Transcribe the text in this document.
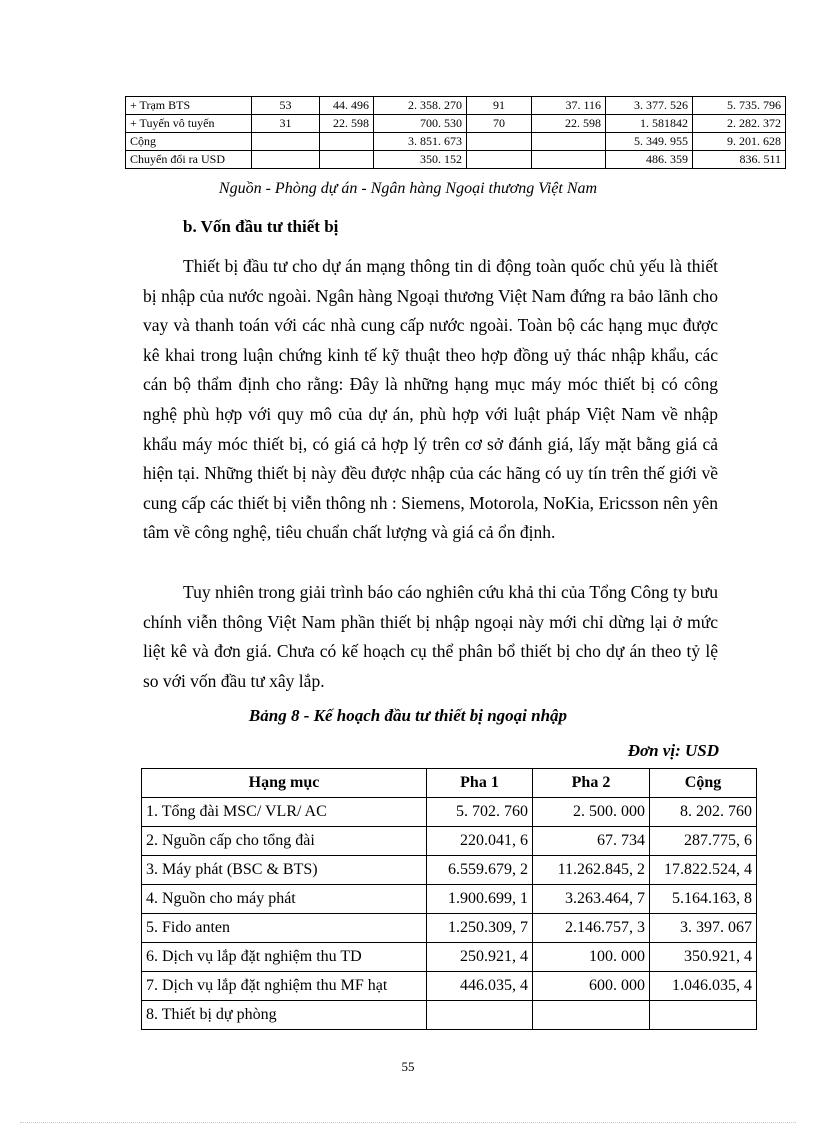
+ Trạm BTS	53	44. 496	2. 358. 270	91	37. 116	3. 377. 526	5. 735. 796
+ Tuyến vô tuyến	31	22. 598	700. 530	70	22. 598	1. 581842	2. 282. 372
Cộng			3. 851. 673			5. 349. 955	9. 201. 628
Chuyển đổi ra USD			350. 152			486. 359	836. 511
Nguồn - Phòng dự án - Ngân hàng Ngoại thương Việt Nam
b. Vốn đầu tư thiết bị

Thiết bị đầu tư cho dự án mạng thông tin di động toàn quốc chủ yếu là thiết bị nhập của nước ngoài. Ngân hàng Ngoại thương Việt Nam đứng ra bảo lãnh cho vay và thanh toán với các nhà cung cấp nước ngoài. Toàn bộ các hạng mục được kê khai trong luận chứng kinh tế kỹ thuật theo hợp đồng uỷ thác nhập khẩu, các cán bộ thẩm định cho rằng: Đây là những hạng mục máy móc thiết bị có công nghệ phù hợp với quy mô của dự án, phù hợp với luật pháp Việt Nam về nhập khẩu máy móc thiết bị, có giá cả hợp lý trên cơ sở đánh giá, lấy mặt bằng giá cả hiện tại. Những thiết bị này đều được nhập của các hãng có uy tín trên thế giới về cung cấp các thiết bị viễn thông nh : Siemens, Motorola, NoKia, Ericsson nên yên tâm về công nghệ, tiêu chuẩn chất lượng và giá cả ổn định.

Tuy nhiên trong giải trình báo cáo nghiên cứu khả thi của Tổng Công ty bưu chính viễn thông Việt Nam phần thiết bị nhập ngoại này mới chỉ dừng lại ở mức liệt kê và đơn giá. Chưa có kế hoạch cụ thể phân bổ thiết bị cho dự án theo tỷ lệ so với vốn đầu tư xây lắp.

Bảng 8 - Kế hoạch đầu tư thiết bị ngoại nhập
Đơn vị: USD
Hạng mục	Pha 1	Pha 2	Cộng
1. Tổng đài MSC/ VLR/ AC	5. 702. 760	2. 500. 000	8. 202. 760
2. Nguồn cấp cho tổng đài	220.041, 6	67. 734	287.775, 6
3. Máy phát (BSC & BTS)	6.559.679, 2	11.262.845, 2	17.822.524, 4
4. Nguồn cho máy phát	1.900.699, 1	3.263.464, 7	5.164.163, 8
5. Fido anten	1.250.309, 7	2.146.757, 3	3. 397. 067
6. Dịch vụ lắp đặt nghiệm thu TD	250.921, 4	100. 000	350.921, 4
7. Dịch vụ lắp đặt nghiệm thu MF hạt	446.035, 4	600. 000	1.046.035, 4
8. Thiết bị dự phòng			
55
